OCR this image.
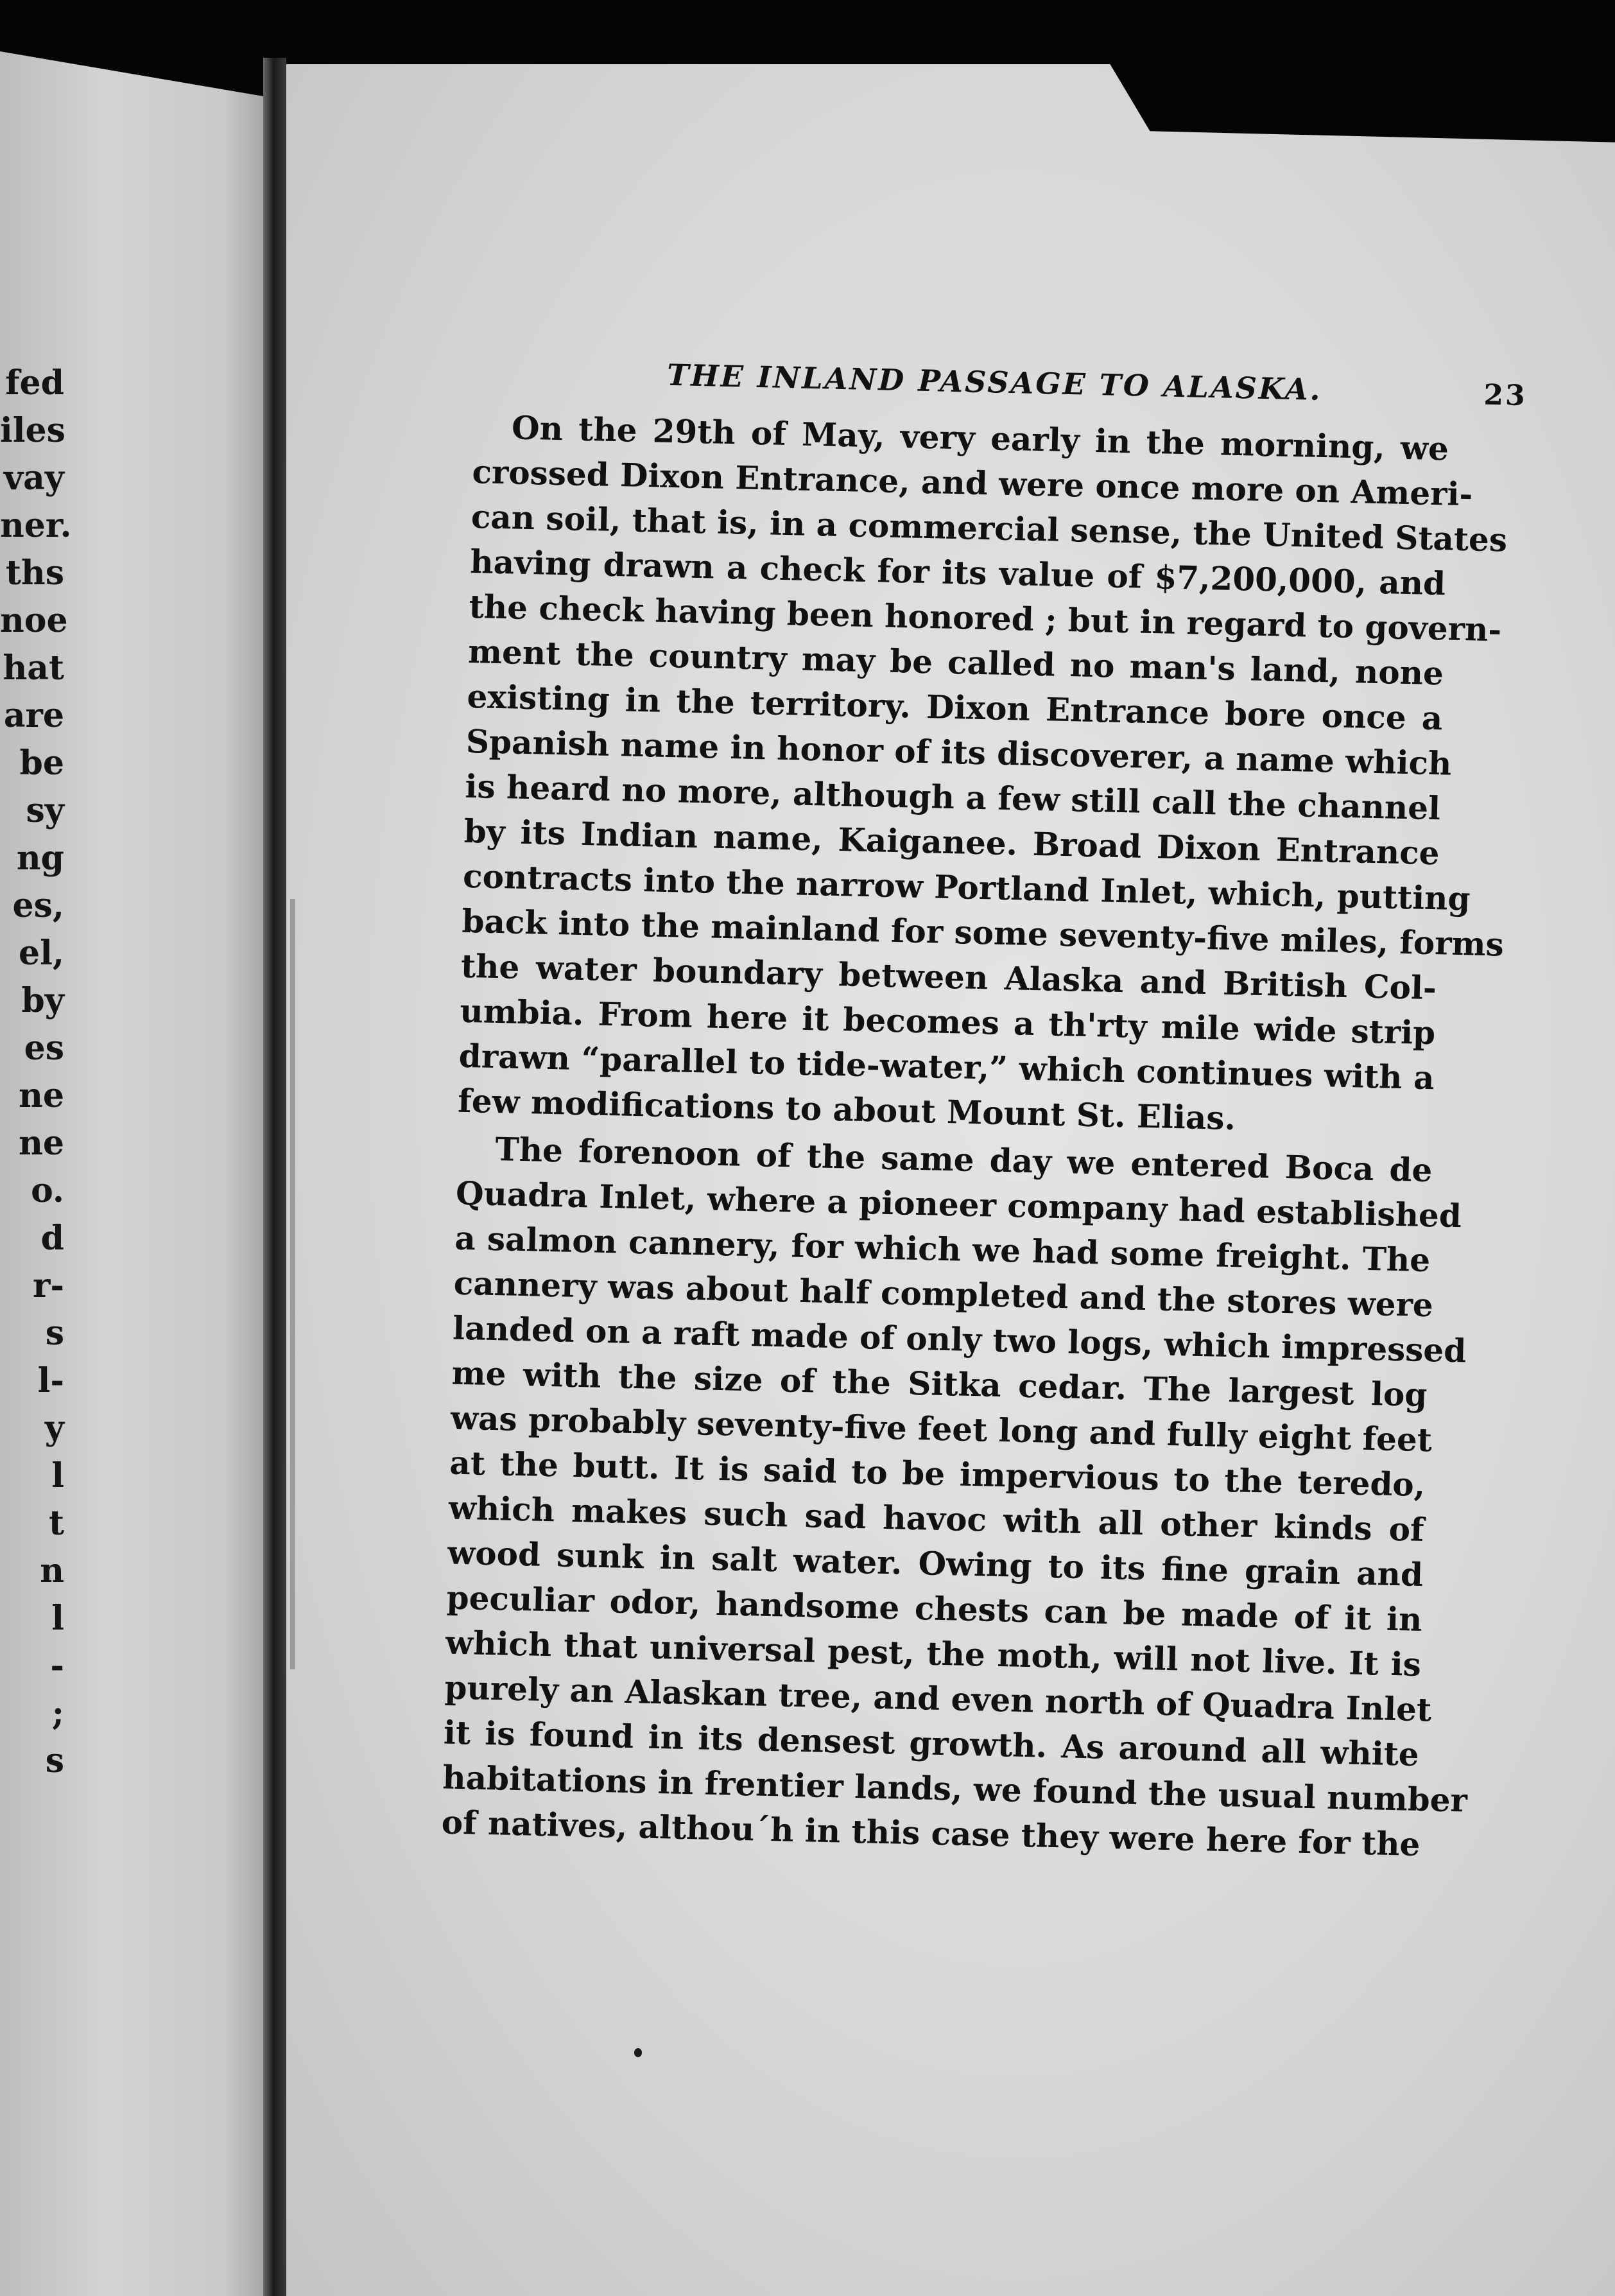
fed
iles
vay
ner.
ths
noe
hat
are
be
sy
ng
es,
el,
by
es
ne
ne
o.
d
r-
s
l-
y
l
t
n
l
-
;
s
THE INLAND PASSAGE TO ALASKA.	23
On the 29th of May, very early in the morning, we
crossed Dixon Entrance, and were once more on Ameri-
can soil, that is, in a commercial sense, the United States
having drawn a check for its value of $7,200,000, and
the check having been honored ; but in regard to govern-
ment the country may be called no man's land, none
existing in the territory. Dixon Entrance bore once a
Spanish name in honor of its discoverer, a name which
is heard no more, although a few still call the channel
by its Indian name, Kaiganee. Broad Dixon Entrance
contracts into the narrow Portland Inlet, which, putting
back into the mainland for some seventy-five miles, forms
the water boundary between Alaska and British Col-
umbia. From here it becomes a th'rty mile wide strip
drawn “parallel to tide-water,” which continues with a
few modifications to about Mount St. Elias.
The forenoon of the same day we entered Boca de
Quadra Inlet, where a pioneer company had established
a salmon cannery, for which we had some freight. The
cannery was about half completed and the stores were
landed on a raft made of only two logs, which impressed
me with the size of the Sitka cedar. The largest log
was probably seventy-five feet long and fully eight feet
at the butt. It is said to be impervious to the teredo,
which makes such sad havoc with all other kinds of
wood sunk in salt water. Owing to its fine grain and
peculiar odor, handsome chests can be made of it in
which that universal pest, the moth, will not live. It is
purely an Alaskan tree, and even north of Quadra Inlet
it is found in its densest growth. As around all white
habitations in frentier lands, we found the usual number
of natives, althou´h in this case they were here for the
